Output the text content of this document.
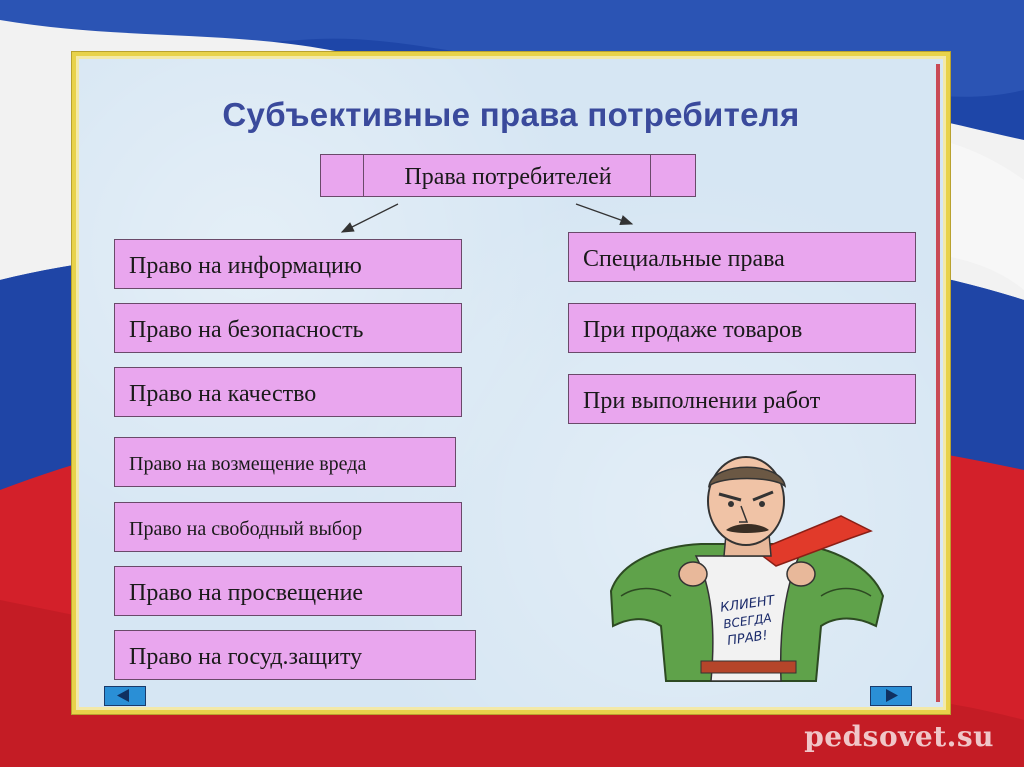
Субъективные права потребителя
Права потребителей
Право на информацию
Право на безопасность
Право на качество
Право на возмещение вреда
Право на свободный выбор
Право на просвещение
Право на госуд.защиту
Специальные права
При продаже товаров
При выполнении работ
КЛИЕНТ
ВСЕГДА
ПРАВ!
pedsovet.su
